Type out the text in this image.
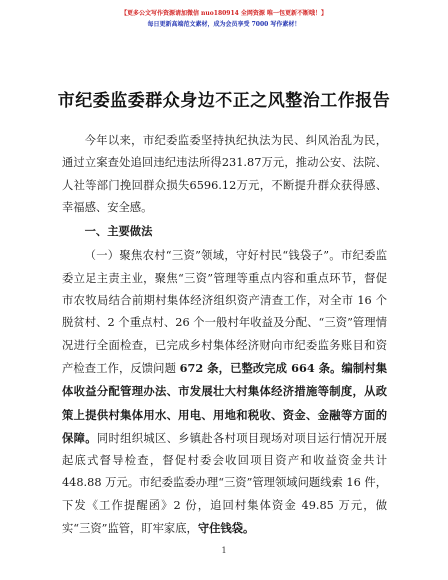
【更多公文写作资源请加微信 nuo180914 全网资源 唯一包更新不断哦！】
每日更新高端范文素材，成为会员享受 7000 写作素材！
市纪委监委群众身边不正之风整治工作报告

今年以来，市纪委监委坚持执纪执法为民、纠风治乱为民，通过立案查处追回违纪违法所得231.87万元，推动公安、法院、人社等部门挽回群众损失6596.12万元，不断提升群众获得感、幸福感、安全感。

一、主要做法

（一）聚焦农村“三资”领域，守好村民“钱袋子”。市纪委监委立足主责主业，聚焦“三资”管理等重点内容和重点环节，督促市农牧局结合前期村集体经济组织资产清查工作，对全市 16 个脱贫村、2 个重点村、26 个一般村年收益及分配、“三资”管理情况进行全面检查，已完成乡村集体经济财向市纪委监务账目和资产检查工作，反馈问题 672 条，已整改完成 664 条。编制村集体收益分配管理办法、市发展壮大村集体经济措施等制度，从政策上提供村集体用水、用电、用地和税收、资金、金融等方面的保障。同时组织城区、乡镇赴各村项目现场对项目运行情况开展起底式督导检查，督促村委会收回项目资产和收益资金共计 448.88 万元。市纪委监委办理“三资”管理领域问题线索 16 件，下发《工作提醒函》2 份，追回村集体资金 49.85 万元，做实“三资”监管，盯牢家底，守住钱袋。

1
